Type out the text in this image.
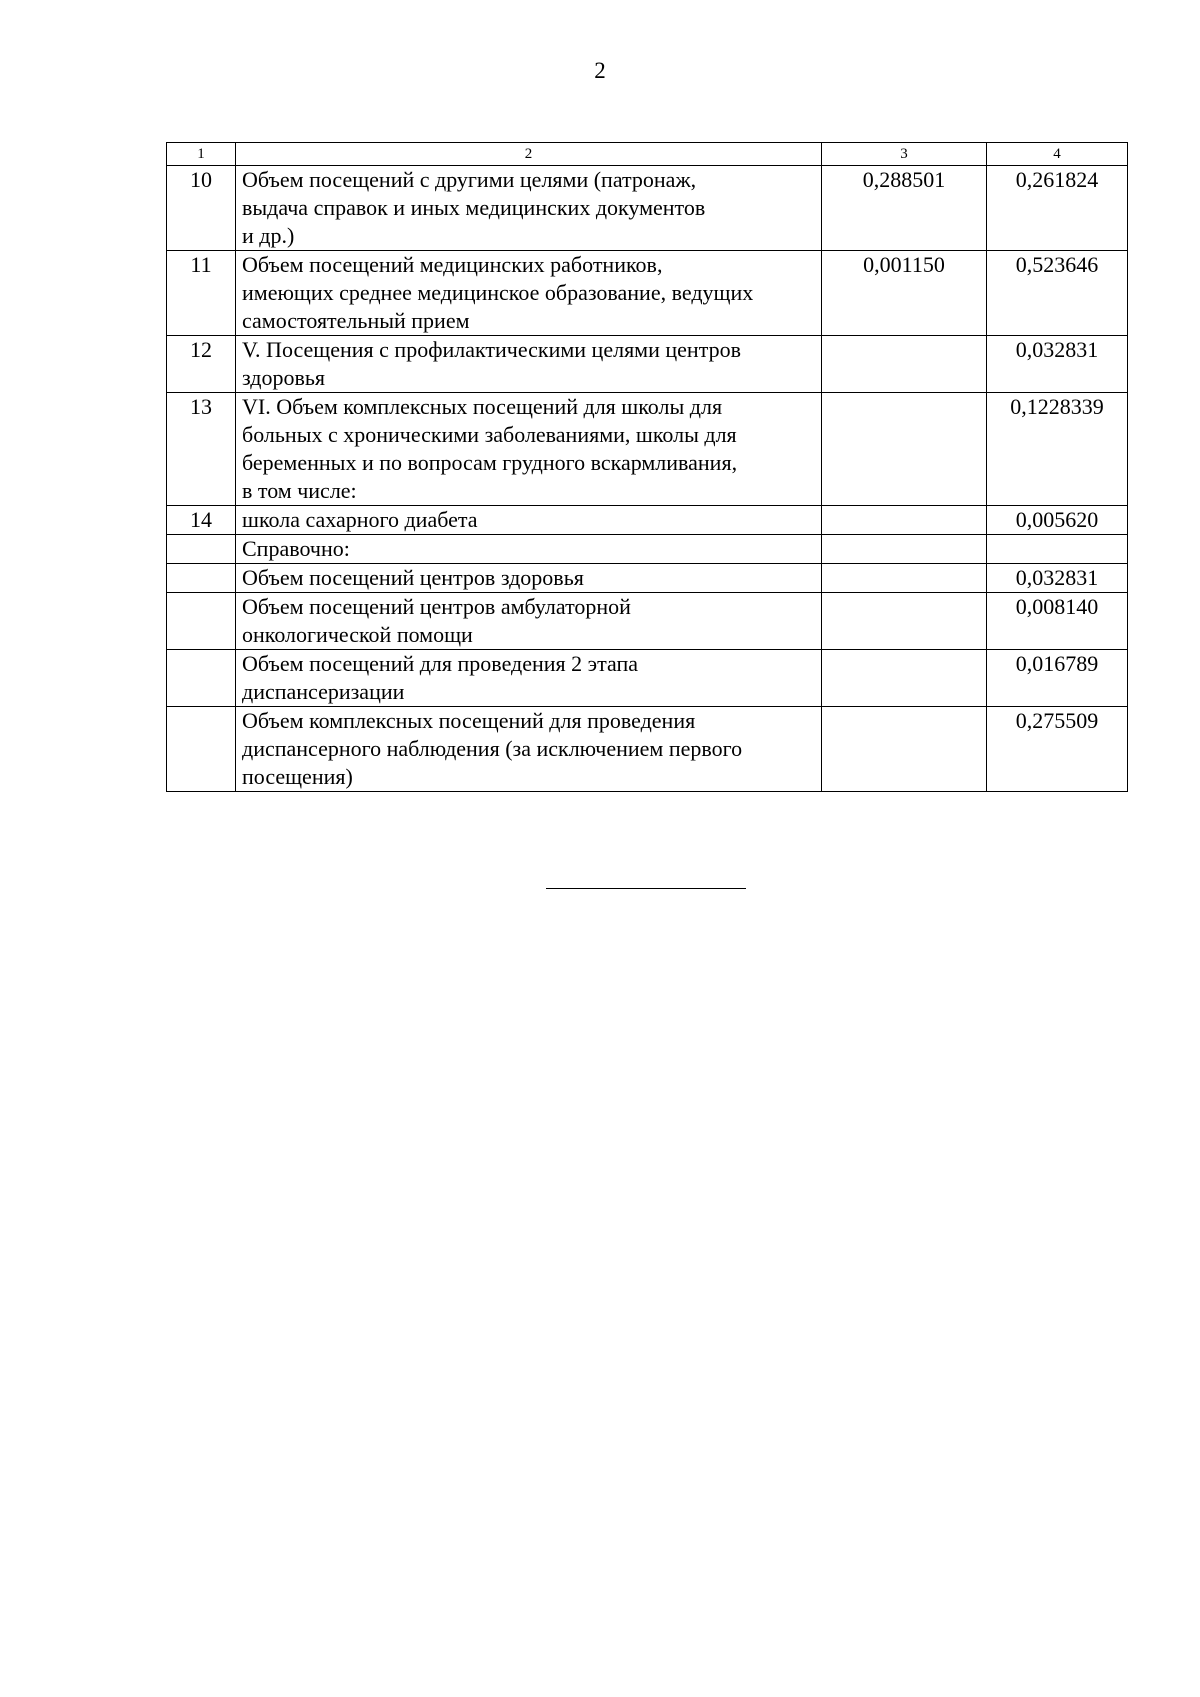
2
1	2	3	4
10	Объем посещений с другими целями (патронаж,
выдача справок и иных медицинских документов
и др.)	0,288501	0,261824
11	Объем посещений медицинских работников,
имеющих среднее медицинское образование, ведущих
самостоятельный прием	0,001150	0,523646
12	V. Посещения с профилактическими целями центров
здоровья		0,032831
13	VI. Объем комплексных посещений для школы для
больных с хроническими заболеваниями, школы для
беременных и по вопросам грудного вскармливания,
в том числе:		0,1228339
14	школа сахарного диабета		0,005620
	Справочно:		
	Объем посещений центров здоровья		0,032831
	Объем посещений центров амбулаторной
онкологической помощи		0,008140
	Объем посещений для проведения 2 этапа
диспансеризации		0,016789
	Объем комплексных посещений для проведения
диспансерного наблюдения (за исключением первого
посещения)		0,275509
